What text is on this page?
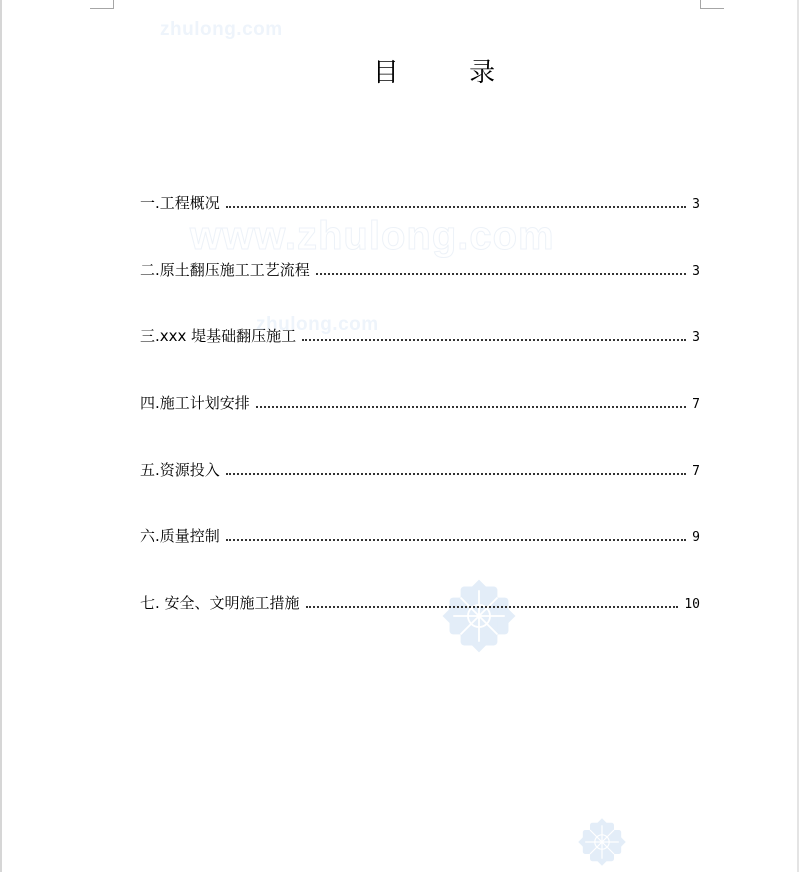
zhulong.com
www.zhulong.com
zhulong.com
目 录
一.工程概况	3
二.原土翻压施工工艺流程	3
三.xxx 堤基础翻压施工	3
四.施工计划安排	7
五.资源投入	7
六.质量控制	9
七. 安全、文明施工措施	10
